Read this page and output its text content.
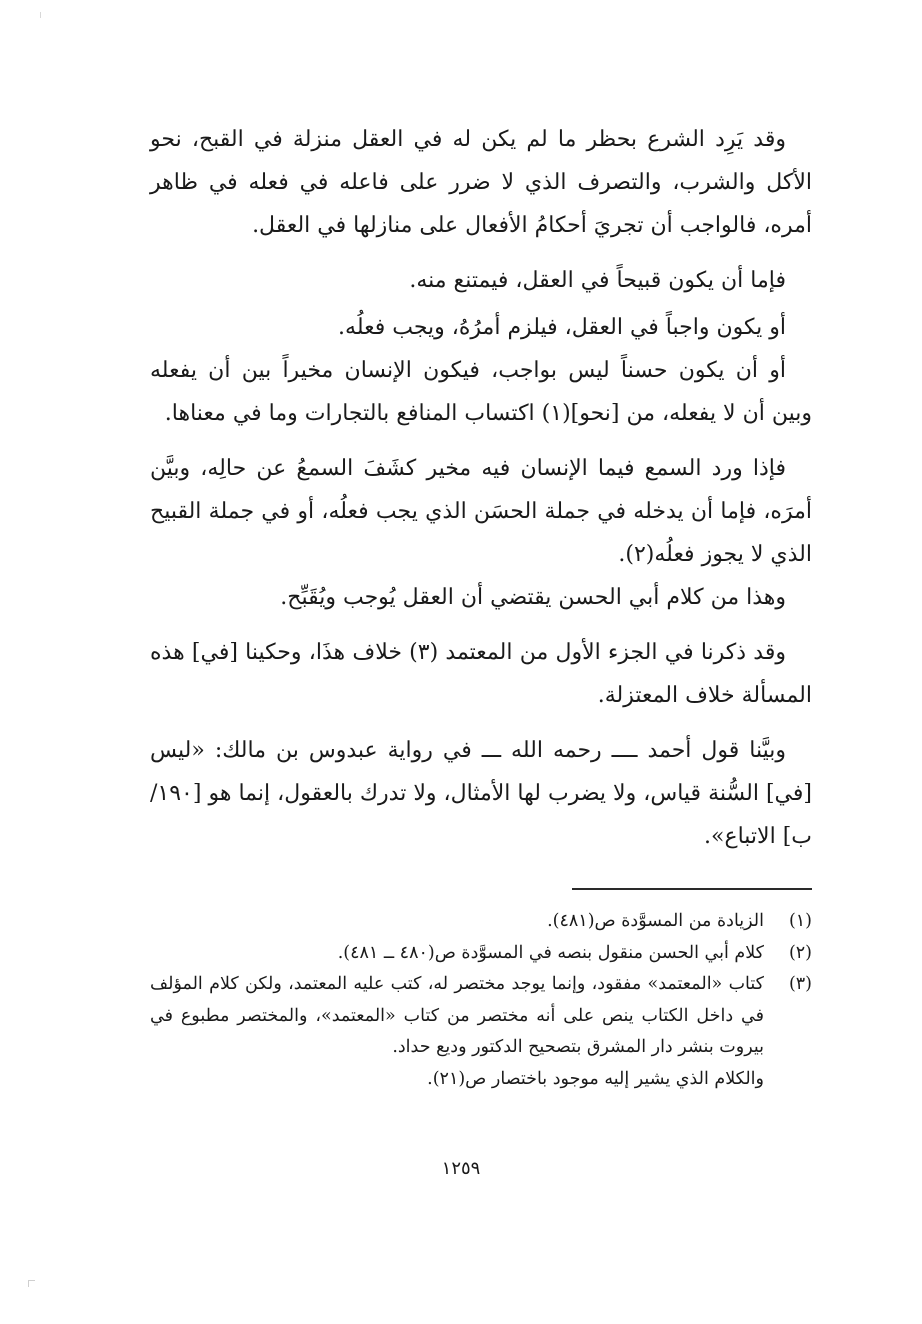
وقد يَرِد الشرع بحظر ما لم يكن له في العقل منزلة في القبح، نحو الأكل والشرب، والتصرف الذي لا ضرر على فاعله في فعله في ظاهر أمره، فالواجب أن تجريَ أحكامُ الأفعال على منازلها في العقل.

فإما أن يكون قبيحاً في العقل، فيمتنع منه.

أو يكون واجباً في العقل، فيلزم أمرُهُ، ويجب فعلُه.

أو أن يكون حسناً ليس بواجب، فيكون الإنسان مخيراً بين أن يفعله وبين أن لا يفعله، من [نحو](١) اكتساب المنافع بالتجارات وما في معناها.

فإذا ورد السمع فيما الإنسان فيه مخير كشَفَ السمعُ عن حالِه، وبيَّن أمرَه، فإما أن يدخله في جملة الحسَن الذي يجب فعلُه، أو في جملة القبيح الذي لا يجوز فعلُه(٢).

وهذا من كلام أبي الحسن يقتضي أن العقل يُوجب ويُقَبِّح.

وقد ذكرنا في الجزء الأول من المعتمد (٣) خلاف هذَا، وحكينا [في] هذه المسألة خلاف المعتزلة.

وبيَّنا قول أحمد ــــ رحمه الله ـــ في رواية عبدوس بن مالك: «ليس [في] السُّنة قياس، ولا يضرب لها الأمثال، ولا تدرك بالعقول، إنما هو [١٩٠/ب] الاتباع».

(١)
الزيادة من المسوَّدة ص(٤٨١).
(٢)
كلام أبي الحسن منقول بنصه في المسوَّدة ص(٤٨٠ ــ ٤٨١).
(٣)
كتاب «المعتمد» مفقود، وإنما يوجد مختصر له، كتب عليه المعتمد، ولكن كلام المؤلف في داخل الكتاب ينص على أنه مختصر من كتاب «المعتمد»، والمختصر مطبوع في بيروت بنشر دار المشرق بتصحيح الدكتور وديع حداد.
والكلام الذي يشير إليه موجود باختصار ص(٢١).
١٢٥٩
